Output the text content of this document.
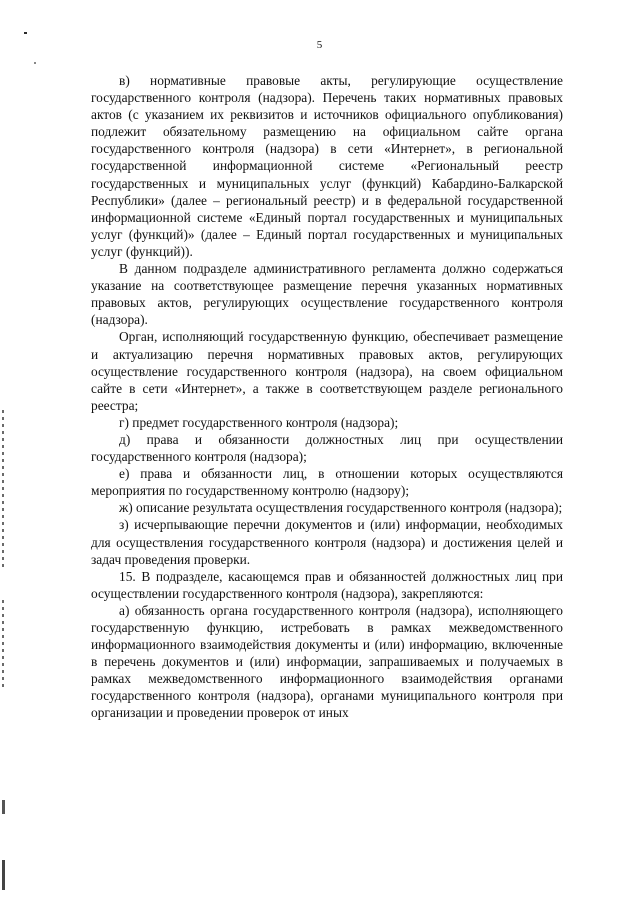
5

в) нормативные правовые акты, регулирующие осуществление государственного контроля (надзора). Перечень таких нормативных правовых актов (с указанием их реквизитов и источников официального опубликования) подлежит обязательному размещению на официальном сайте органа государственного контроля (надзора) в сети «Интернет», в региональной государственной информационной системе «Региональный реестр государственных и муниципальных услуг (функций) Кабардино-Балкарской Республики» (далее – региональный реестр) и в федеральной государственной информационной системе «Единый портал государственных и муниципальных услуг (функций)» (далее – Единый портал государственных и муниципальных услуг (функций)).

В данном подразделе административного регламента должно содержаться указание на соответствующее размещение перечня указанных нормативных правовых актов, регулирующих осуществление государственного контроля (надзора).

Орган, исполняющий государственную функцию, обеспечивает размещение и актуализацию перечня нормативных правовых актов, регулирующих осуществление государственного контроля (надзора), на своем официальном сайте в сети «Интернет», а также в соответствующем разделе регионального реестра;

г) предмет государственного контроля (надзора);

д) права и обязанности должностных лиц при осуществлении государственного контроля (надзора);

е) права и обязанности лиц, в отношении которых осуществляются мероприятия по государственному контролю (надзору);

ж) описание результата осуществления государственного контроля (надзора);

з) исчерпывающие перечни документов и (или) информации, необходимых для осуществления государственного контроля (надзора) и достижения целей и задач проведения проверки.

15. В подразделе, касающемся прав и обязанностей должностных лиц при осуществлении государственного контроля (надзора), закрепляются:

а) обязанность органа государственного контроля (надзора), исполняющего государственную функцию, истребовать в рамках межведомственного информационного взаимодействия документы и (или) информацию, включенные в перечень документов и (или) информации, запрашиваемых и получаемых в рамках межведомственного информационного взаимодействия органами государственного контроля (надзора), органами муниципального контроля при организации и проведении проверок от иных
